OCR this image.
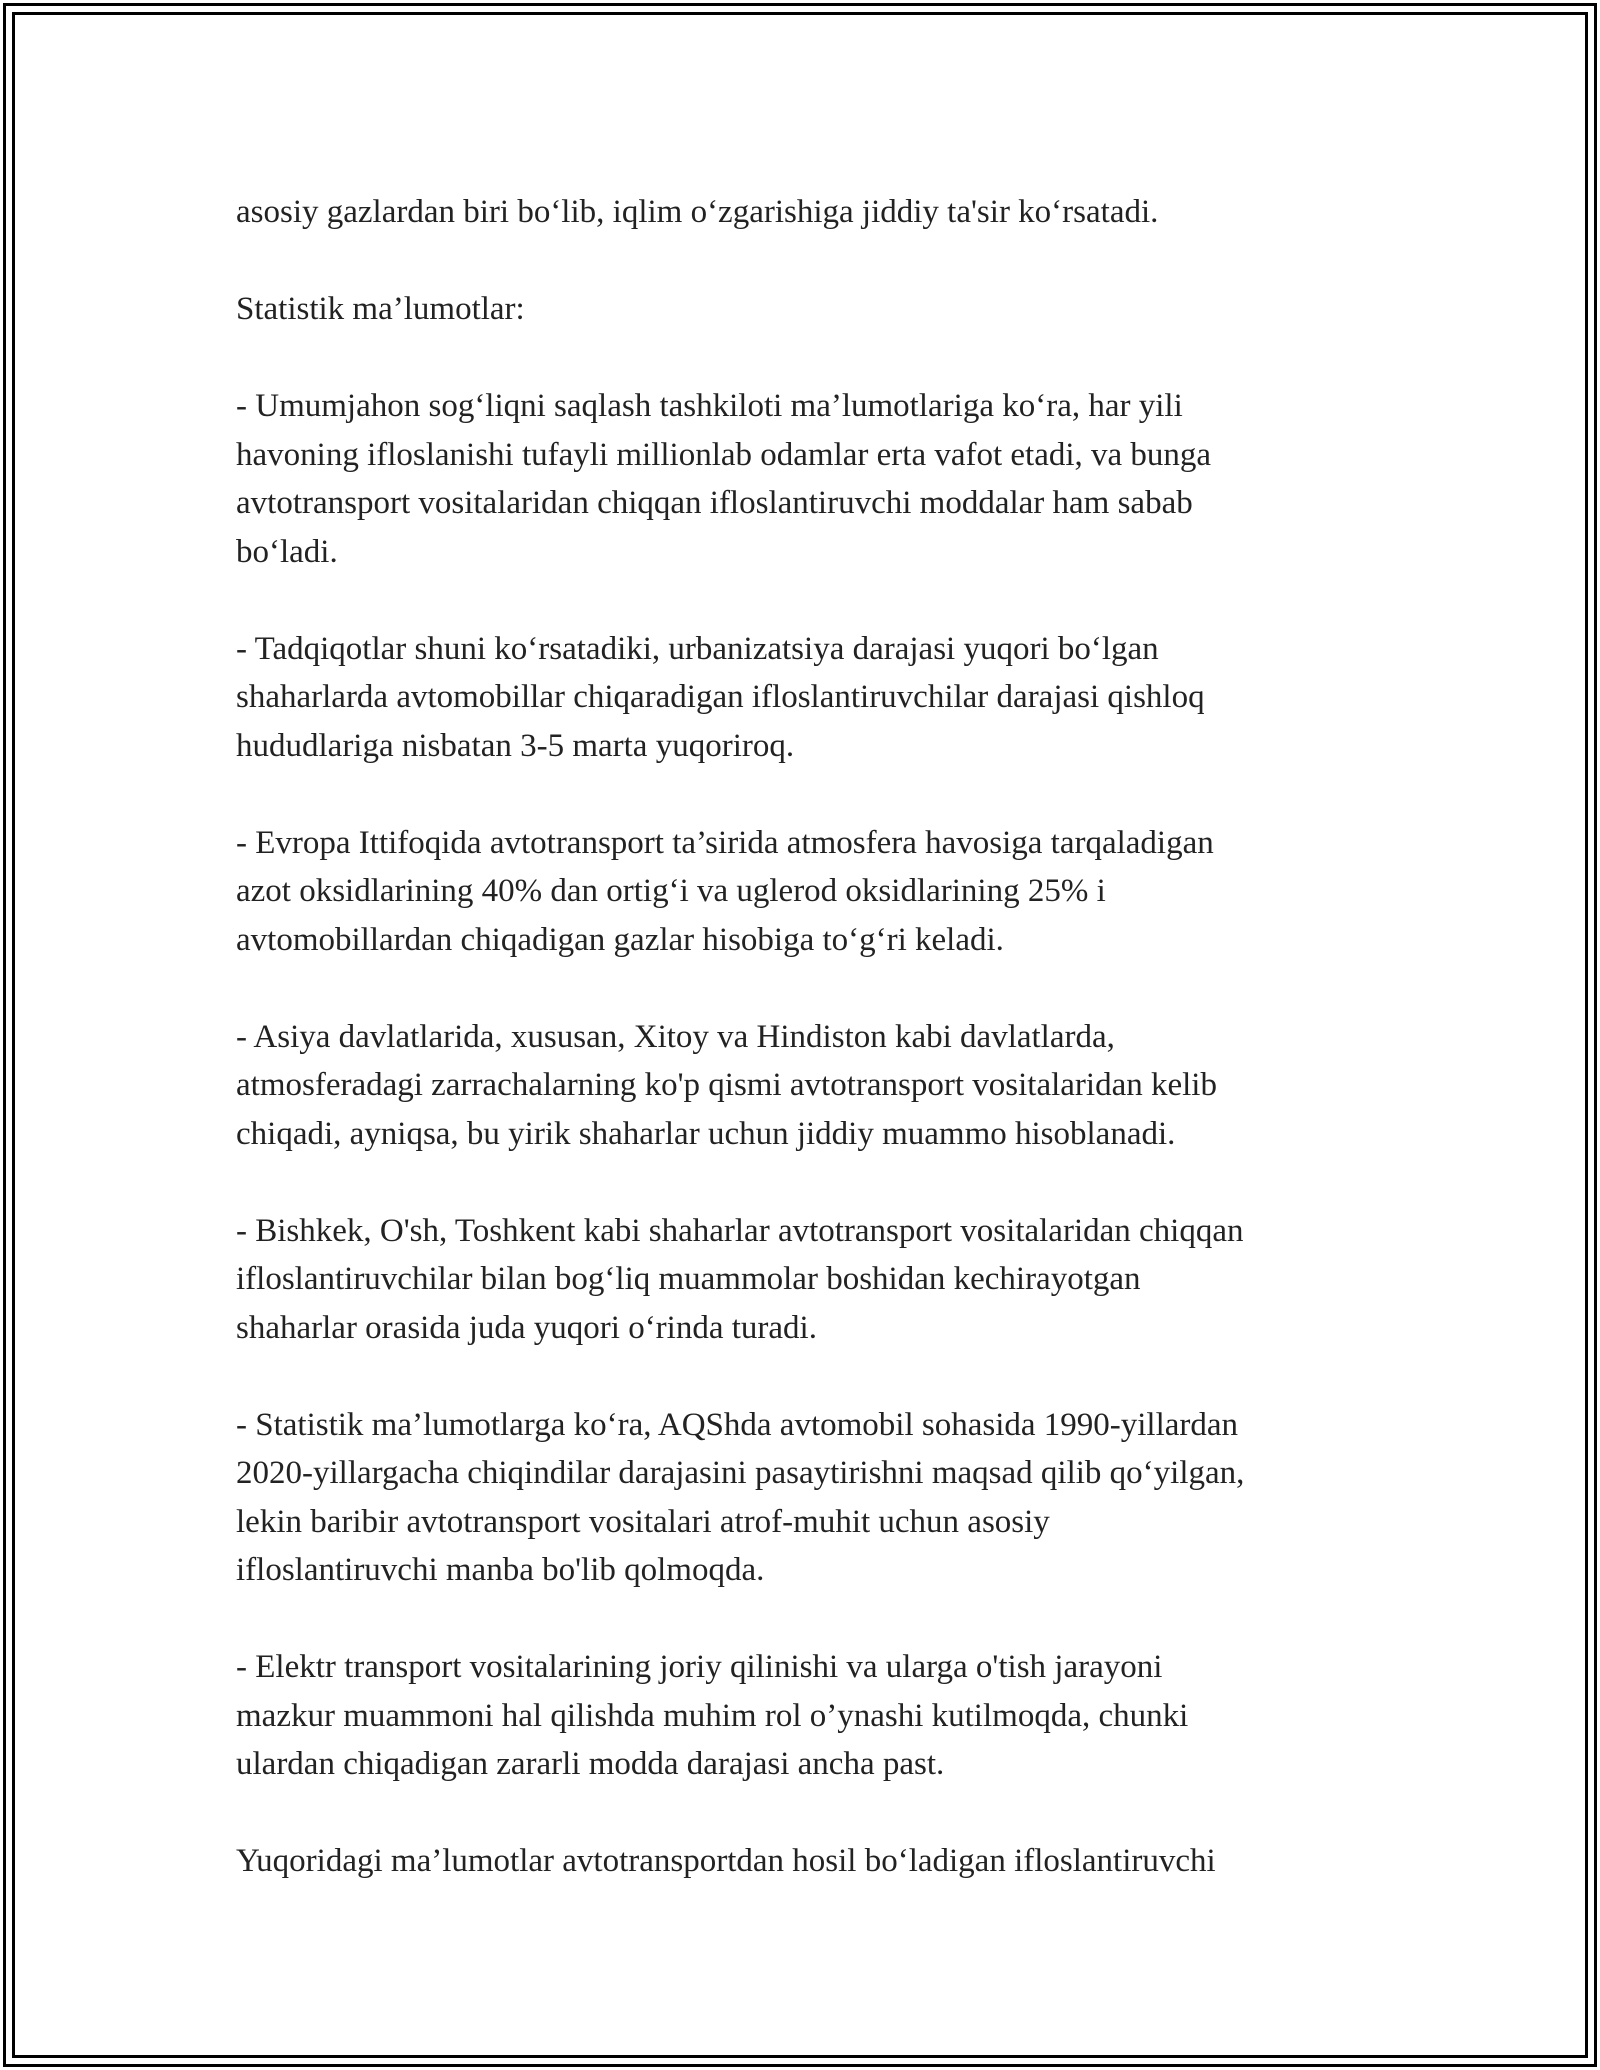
asosiy gazlardan biri bo‘lib, iqlim o‘zgarishiga jiddiy ta'sir ko‘rsatadi.

Statistik ma’lumotlar:

- Umumjahon sog‘liqni saqlash tashkiloti ma’lumotlariga ko‘ra, har yili
havoning ifloslanishi tufayli millionlab odamlar erta vafot etadi, va bunga
avtotransport vositalaridan chiqqan ifloslantiruvchi moddalar ham sabab
bo‘ladi.

- Tadqiqotlar shuni ko‘rsatadiki, urbanizatsiya darajasi yuqori bo‘lgan
shaharlarda avtomobillar chiqaradigan ifloslantiruvchilar darajasi qishloq
hududlariga nisbatan 3-5 marta yuqoriroq.

- Evropa Ittifoqida avtotransport ta’sirida atmosfera havosiga tarqaladigan
azot oksidlarining 40% dan ortig‘i va uglerod oksidlarining 25% i
avtomobillardan chiqadigan gazlar hisobiga to‘g‘ri keladi.

- Asiya davlatlarida, xususan, Xitoy va Hindiston kabi davlatlarda,
atmosferadagi zarrachalarning ko'p qismi avtotransport vositalaridan kelib
chiqadi, ayniqsa, bu yirik shaharlar uchun jiddiy muammo hisoblanadi.

- Bishkek, O'sh, Toshkent kabi shaharlar avtotransport vositalaridan chiqqan
ifloslantiruvchilar bilan bog‘liq muammolar boshidan kechirayotgan
shaharlar orasida juda yuqori o‘rinda turadi.

- Statistik ma’lumotlarga ko‘ra, AQShda avtomobil sohasida 1990-yillardan
2020-yillargacha chiqindilar darajasini pasaytirishni maqsad qilib qo‘yilgan,
lekin baribir avtotransport vositalari atrof-muhit uchun asosiy
ifloslantiruvchi manba bo'lib qolmoqda.

- Elektr transport vositalarining joriy qilinishi va ularga o'tish jarayoni
mazkur muammoni hal qilishda muhim rol o’ynashi kutilmoqda, chunki
ulardan chiqadigan zararli modda darajasi ancha past.

Yuqoridagi ma’lumotlar avtotransportdan hosil bo‘ladigan ifloslantiruvchi
